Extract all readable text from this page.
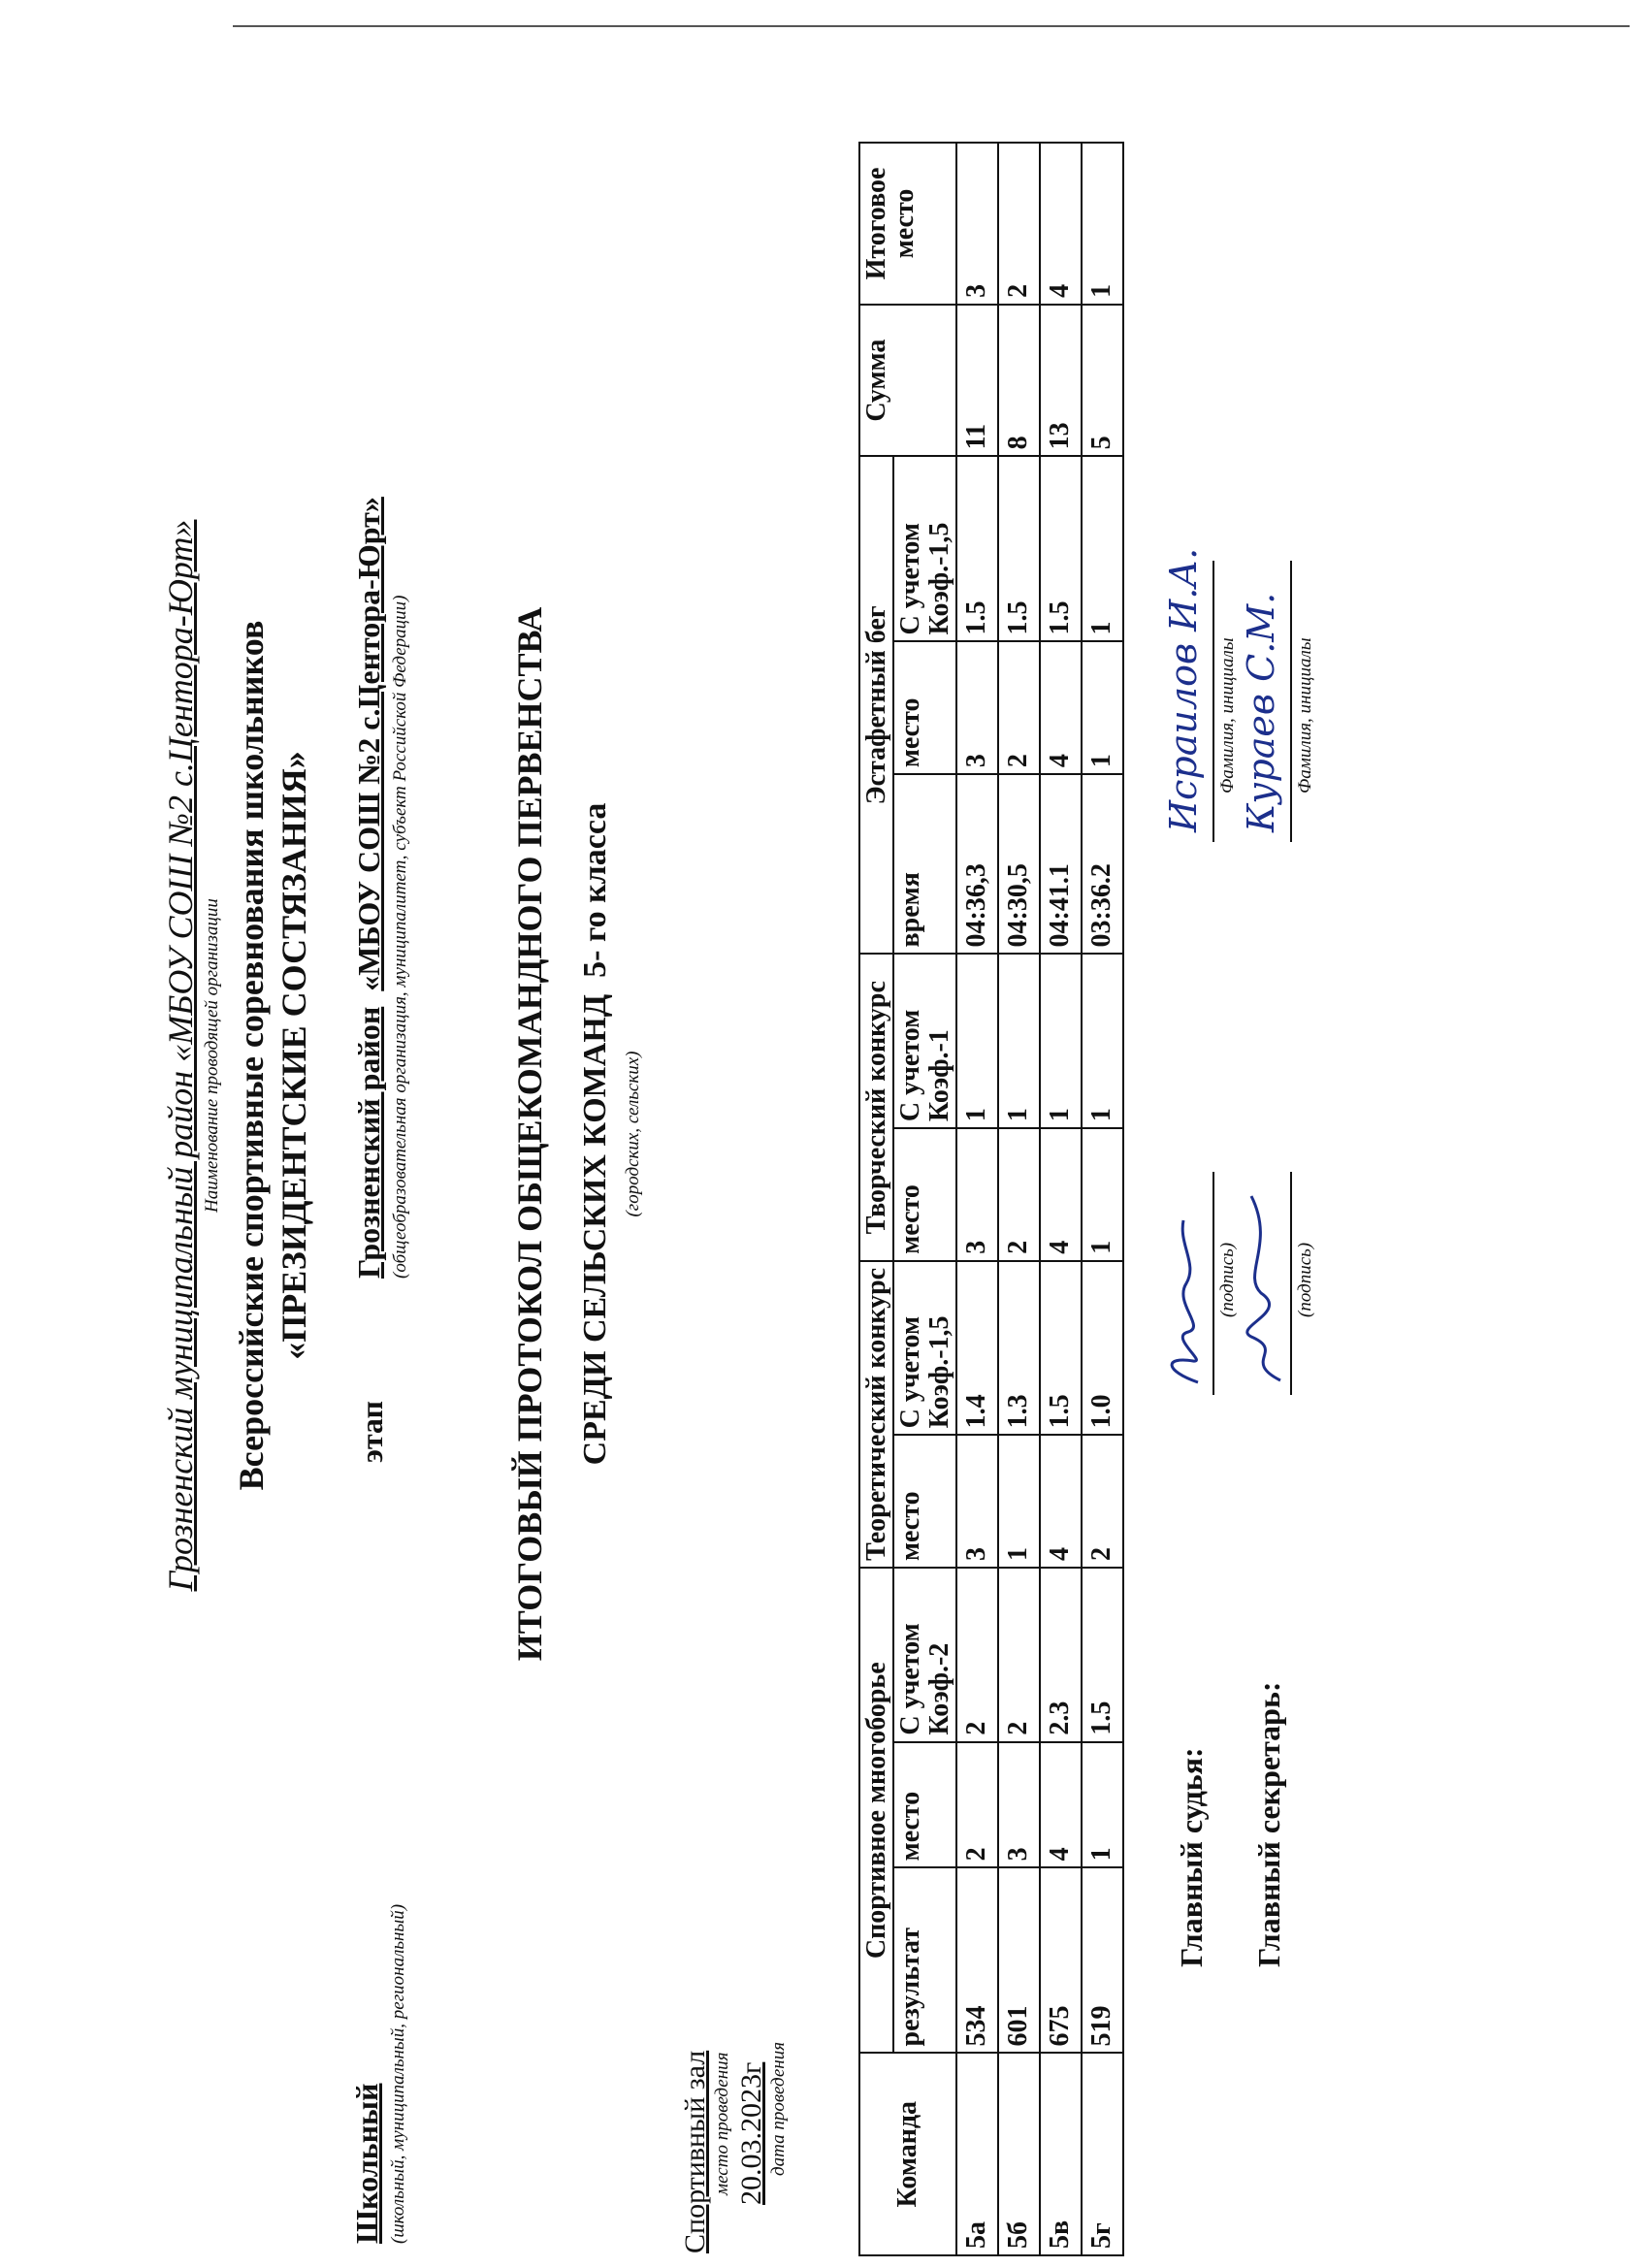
Грозненский муниципальный район «МБОУ СОШ №2 с.Центора-Юрт» Наименование проводящей организации Всероссийские спортивные соревнования школьников «ПРЕЗИДЕНТСКИЕ СОСТЯЗАНИЯ»
Школьный (школьный, муниципальный, региональный)
этап
Грозненский район  «МБОУ СОШ №2 с.Центора-Юрт» (общеобразовательная организация, муниципалитет, субъект Российской Федерации)	ИТОГОВЫЙ ПРОТОКОЛ ОБЩЕКОМАНДНОГО ПЕРВЕНСТВА СРЕДИ СЕЛЬСКИХ КОМАНД  5- го класса
(городских, сельских)
Спортивный зал место проведения 20.03.2023г дата проведения	Команда	Спортивное многоборье			Теоретический конкурс		Творческий конкурс		Эстафетный бег			Сумма	Итоговое место
	результат	место	С учетом Коэф.-2	место	С учетом Коэф.-1,5	место	С учетом Коэф.-1	время	место	С учетом Коэф.-1,5		
5а	534	2	2	3	1.4	3	1	04:36,3	3	1.5	11	3
5б	601	3	2	1	1.3	2	1	04:30,5	2	1.5	8	2
5в	675	4	2.3	4	1.5	4	1	04:41.1	4	1.5	13	4
5г	519	1	1.5	2	1.0	1	1	03:36.2	1	1	5	1
Главный судья:
(подпись)
Исраилов И.А. Фамилия, инициалы
Главный секретарь:
(подпись)
Кураев С.М. Фамилия, инициалы
